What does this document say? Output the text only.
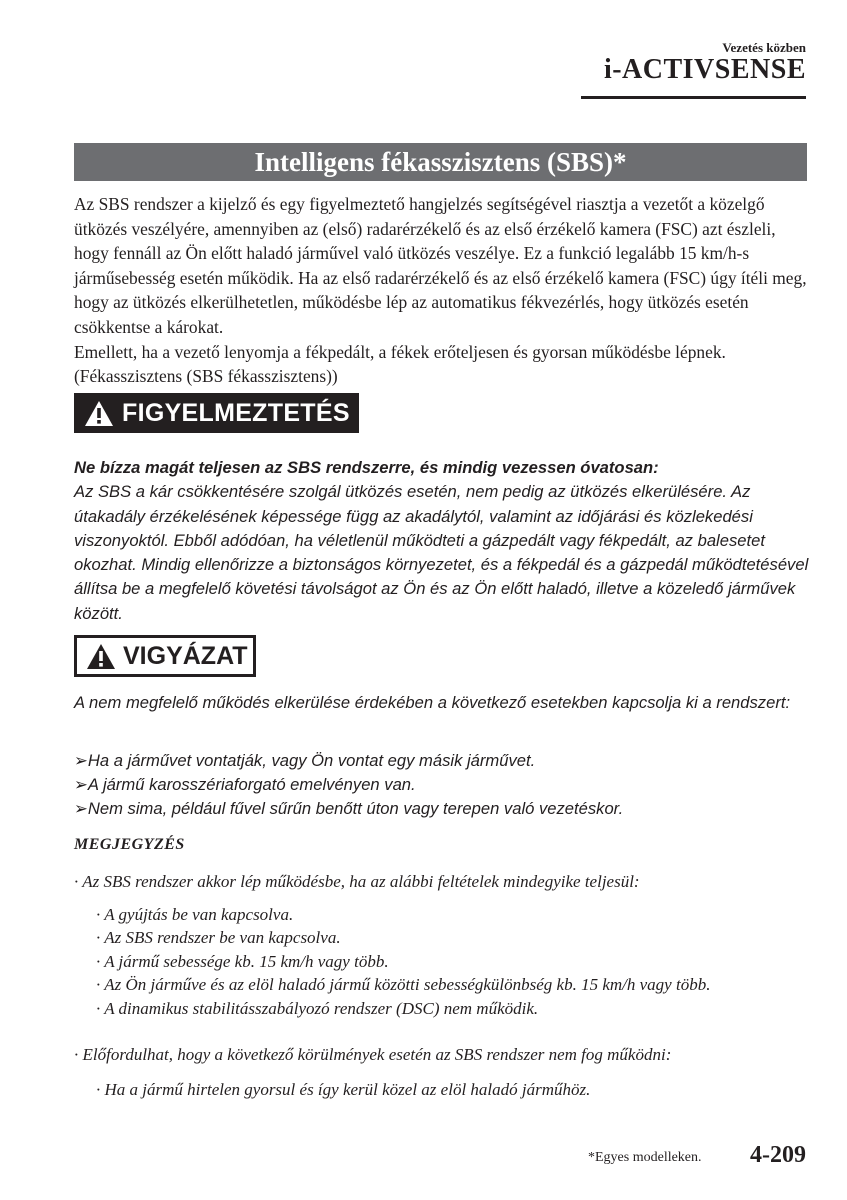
Vezetés közben
i-ACTIVSENSE
Intelligens fékasszisztens (SBS)*

Az SBS rendszer a kijelző és egy figyelmeztető hangjelzés segítségével riasztja a vezetőt a közelgő ütközés veszélyére, amennyiben az (első) radarérzékelő és az első érzékelő kamera (FSC) azt észleli, hogy fennáll az Ön előtt haladó járművel való ütközés veszélye. Ez a funkció legalább 15 km/h-s járműsebesség esetén működik. Ha az első radarérzékelő és az első érzékelő kamera (FSC) úgy ítéli meg, hogy az ütközés elkerülhetetlen, működésbe lép az automatikus fékvezérlés, hogy ütközés esetén csökkentse a károkat.

Emellett, ha a vezető lenyomja a fékpedált, a fékek erőteljesen és gyorsan működésbe lépnek. (Fékasszisztens (SBS fékasszisztens))

FIGYELMEZTETÉS

Ne bízza magát teljesen az SBS rendszerre, és mindig vezessen óvatosan:

Az SBS a kár csökkentésére szolgál ütközés esetén, nem pedig az ütközés elkerülésére. Az útakadály érzékelésének képessége függ az akadálytól, valamint az időjárási és közlekedési viszonyoktól. Ebből adódóan, ha véletlenül működteti a gázpedált vagy fékpedált, az balesetet okozhat. Mindig ellenőrizze a biztonságos környezetet, és a fékpedál és a gázpedál működtetésével állítsa be a megfelelő követési távolságot az Ön és az Ön előtt haladó, illetve a közeledő járművek között.

VIGYÁZAT
A nem megfelelő működés elkerülése érdekében a következő esetekben kapcsolja ki a rendszert:
➢Ha a járművet vontatják, vagy Ön vontat egy másik járművet.
➢A jármű karosszériaforgató emelvényen van.
➢Nem sima, például fűvel sűrűn benőtt úton vagy terepen való vezetéskor.
MEGJEGYZÉS
· Az SBS rendszer akkor lép működésbe, ha az alábbi feltételek mindegyike teljesül:
· A gyújtás be van kapcsolva.
· Az SBS rendszer be van kapcsolva.
· A jármű sebessége kb. 15 km/h vagy több.
· Az Ön járműve és az elöl haladó jármű közötti sebességkülönbség kb. 15 km/h vagy több.
· A dinamikus stabilitásszabályozó rendszer (DSC) nem működik.
· Előfordulhat, hogy a következő körülmények esetén az SBS rendszer nem fog működni:
· Ha a jármű hirtelen gyorsul és így kerül közel az elöl haladó járműhöz.
*Egyes modelleken. 4-209
